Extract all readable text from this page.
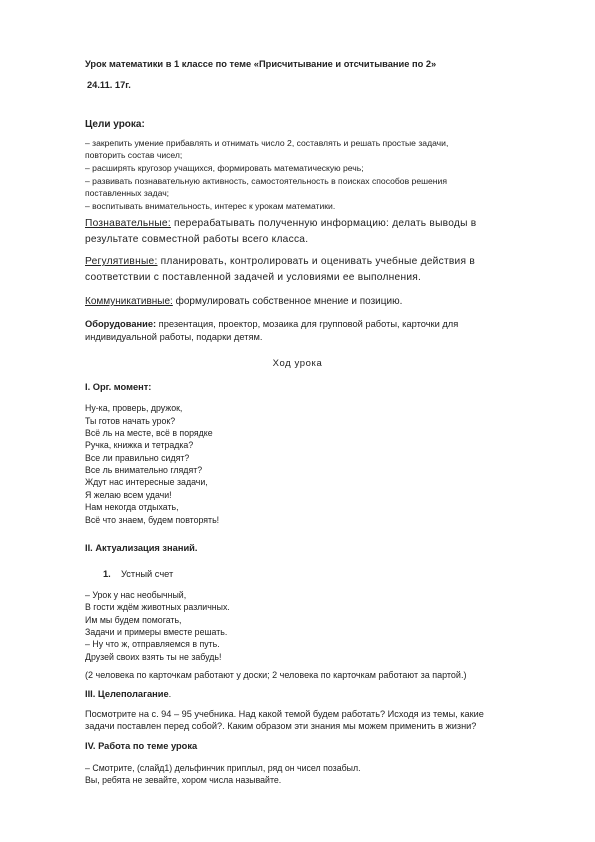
Урок математики в 1 классе по теме «Присчитывание и отсчитывание по 2»
24.11. 17г.
Цели урока:
– закрепить умение прибавлять и отнимать число 2, составлять и решать простые задачи,
повторить состав чисел;
– расширять кругозор учащихся, формировать математическую речь;
– развивать познавательную активность, самостоятельность в поисках способов решения
поставленных задач;
– воспитывать внимательность, интерес к урокам математики.
Познавательные: перерабатывать полученную информацию: делать выводы в
результате совместной работы всего класса.
Регулятивные: планировать, контролировать и оценивать учебные действия в
соответствии с поставленной задачей и условиями ее выполнения.
Коммуникативные: формулировать собственное мнение и позицию.
Оборудование: презентация, проектор, мозаика для групповой работы, карточки для
индивидуальной работы, подарки детям.
Ход урока
I. Орг. момент:
Ну-ка, проверь, дружок,
Ты готов начать урок?
Всё ль на месте, всё в порядке
Ручка, книжка и тетрадка?
Все ли правильно сидят?
Все ль внимательно глядят?
Ждут нас интересные задачи,
Я желаю всем удачи!
Нам некогда отдыхать,
Всё что знаем, будем повторять!
II. Актуализация знаний.
1. Устный счет
– Урок у нас необычный,
В гости ждём животных различных.
Им мы будем помогать,
Задачи и примеры вместе решать.
– Ну что ж, отправляемся в путь.
Друзей своих взять ты не забудь!
(2 человека по карточкам работают у доски; 2 человека по карточкам работают за партой.)
III. Целеполагание.
Посмотрите на с. 94 – 95 учебника. Над какой темой будем работать? Исходя из темы, какие
задачи поставлен перед собой?. Каким образом эти знания мы можем применить в жизни?
IV. Работа по теме урока
– Смотрите, (слайд1) дельфинчик приплыл, ряд он чисел позабыл.
Вы, ребята не зевайте, хором числа называйте.
